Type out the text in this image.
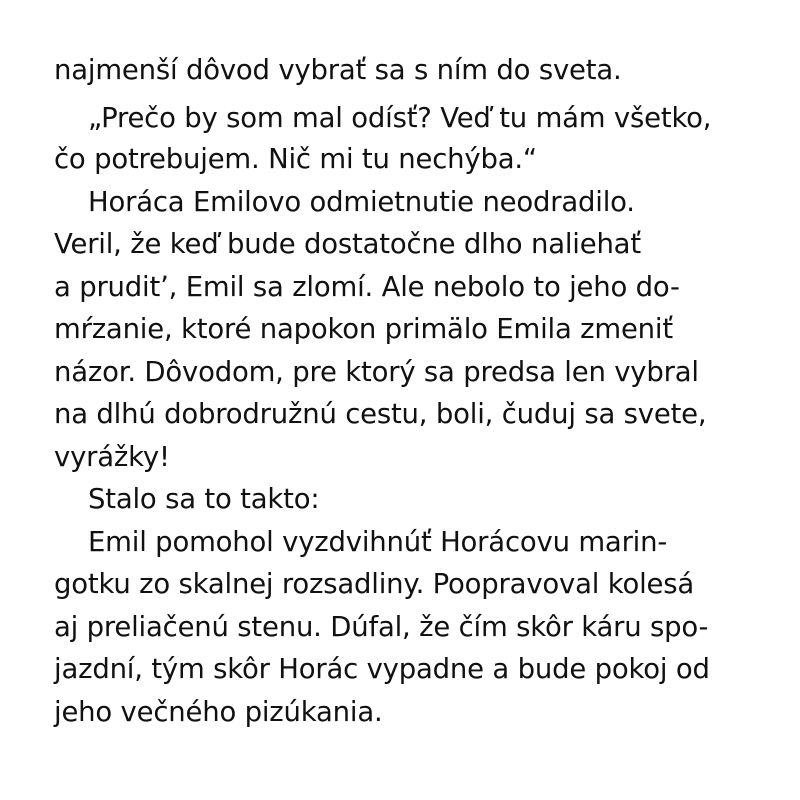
najmenší dôvod vybrať sa s ním do sveta.
„Prečo by som mal odísť? Veď tu mám všetko,
čo potrebujem. Nič mi tu nechýba.“
Horáca Emilovo odmietnutie neodradilo.
Veril, že keď bude dostatočne dlho naliehať
a pruditʼ, Emil sa zlomí. Ale nebolo to jeho do-
mŕzanie, ktoré napokon primälo Emila zmeniť
názor. Dôvodom, pre ktorý sa predsa len vybral
na dlhú dobrodružnú cestu, boli, čuduj sa svete,
vyrážky!
Stalo sa to takto:
Emil pomohol vyzdvihnúť Horácovu marin-
gotku zo skalnej rozsadliny. Poopravoval kolesá
aj preliačenú stenu. Dúfal, že čím skôr káru spo-
jazdní, tým skôr Horác vypadne a bude pokoj od
jeho večného pizúkania.
